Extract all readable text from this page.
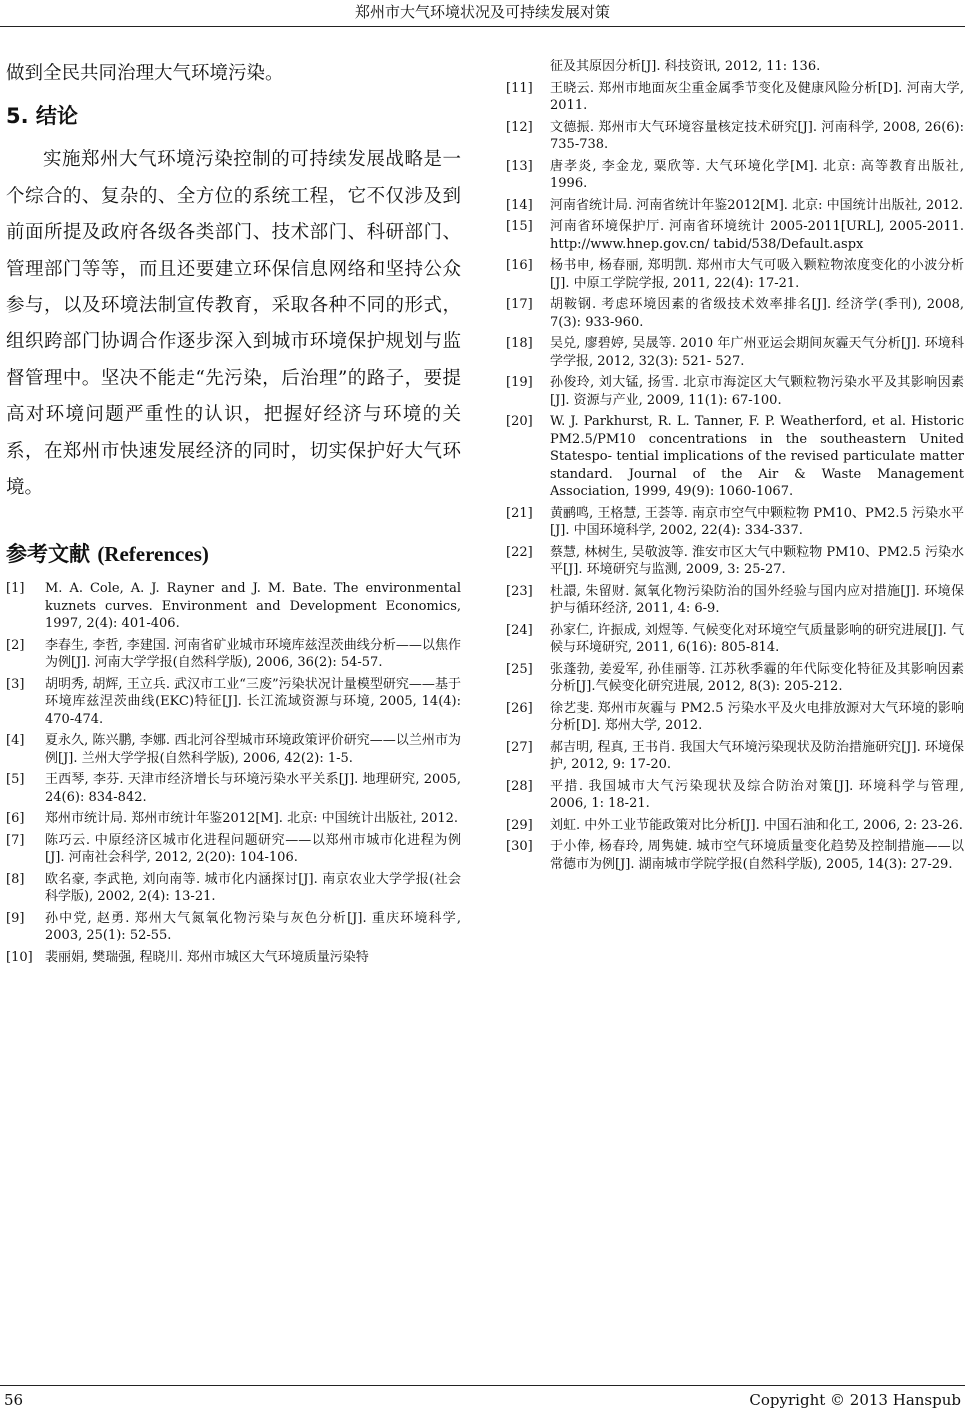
郑州市大气环境状况及可持续发展对策

做到全民共同治理大气环境污染。

5. 结论

实施郑州大气环境污染控制的可持续发展战略是一个综合的、复杂的、全方位的系统工程，它不仅涉及到前面所提及政府各级各类部门、技术部门、科研部门、管理部门等等，而且还要建立环保信息网络和坚持公众参与，以及环境法制宣传教育，采取各种不同的形式，组织跨部门协调合作逐步深入到城市环境保护规划与监督管理中。坚决不能走“先污染，后治理”的路子，要提高对环境问题严重性的认识，把握好经济与环境的关系，在郑州市快速发展经济的同时，切实保护好大气环境。

参考文献 (References)
[1]	M. A. Cole, A. J. Rayner and J. M. Bate. The environmental kuznets curves. Environment and Development Economics, 1997, 2(4): 401-406.
[2]	李春生, 李哲, 李建国. 河南省矿业城市环境库兹涅茨曲线分析——以焦作为例[J]. 河南大学学报(自然科学版), 2006, 36(2): 54-57.
[3]	胡明秀, 胡辉, 王立兵. 武汉市工业“三废”污染状况计量模型研究——基于环境库兹涅茨曲线(EKC)特征[J]. 长江流域资源与环境, 2005, 14(4): 470-474.
[4]	夏永久, 陈兴鹏, 李娜. 西北河谷型城市环境政策评价研究——以兰州市为例[J]. 兰州大学学报(自然科学版), 2006, 42(2): 1-5.
[5]	王西琴, 李芬. 天津市经济增长与环境污染水平关系[J]. 地理研究, 2005, 24(6): 834-842.
[6]	郑州市统计局. 郑州市统计年鉴2012[M]. 北京: 中国统计出版社, 2012.
[7]	陈巧云. 中原经济区城市化进程问题研究——以郑州市城市化进程为例[J]. 河南社会科学, 2012, 2(20): 104-106.
[8]	欧名豪, 李武艳, 刘向南等. 城市化内涵探讨[J]. 南京农业大学学报(社会科学版), 2002, 2(4): 13-21.
[9]	孙中党, 赵勇. 郑州大气氮氧化物污染与灰色分析[J]. 重庆环境科学, 2003, 25(1): 52-55.
[10] 裴丽娟, 樊瑞强, 程晓川. 郑州市城区大气环境质量污染特
征及其原因分析[J]. 科技资讯, 2012, 11: 136.
[11]	王晓云. 郑州市地面灰尘重金属季节变化及健康风险分析[D]. 河南大学, 2011.
[12]	文德振. 郑州市大气环境容量核定技术研究[J]. 河南科学, 2008, 26(6): 735-738.
[13]	唐孝炎, 李金龙, 粟欣等. 大气环境化学[M]. 北京: 高等教育出版社, 1996.
[14]	河南省统计局. 河南省统计年鉴2012[M]. 北京: 中国统计出版社, 2012.
[15]	河南省环境保护厅. 河南省环境统计 2005-2011[URL], 2005-2011. http://www.hnep.gov.cn/ tabid/538/Default.aspx
[16]	杨书申, 杨春丽, 郑明凯. 郑州市大气可吸入颗粒物浓度变化的小波分析[J]. 中原工学院学报, 2011, 22(4): 17-21.
[17]	胡鞍钢. 考虑环境因素的省级技术效率排名[J]. 经济学(季刊), 2008, 7(3): 933-960.
[18]	吴兑, 廖碧婷, 吴晟等. 2010 年广州亚运会期间灰霾天气分析[J]. 环境科学学报, 2012, 32(3): 521- 527.
[19]	孙俊玲, 刘大锰, 扬雪. 北京市海淀区大气颗粒物污染水平及其影响因素[J]. 资源与产业, 2009, 11(1): 67-100.
[20]	W. J. Parkhurst, R. L. Tanner, F. P. Weatherford, et al. Historic PM2.5/PM10 concentrations in the southeastern United Statespo- tential implications of the revised particulate matter standard. Journal of the Air & Waste Management Association, 1999, 49(9): 1060-1067.
[21]	黄鹂鸣, 王格慧, 王荟等. 南京市空气中颗粒物 PM10、PM2.5 污染水平[J]. 中国环境科学, 2002, 22(4): 334-337.
[22]	蔡慧, 林树生, 吴敬波等. 淮安市区大气中颗粒物 PM10、PM2.5 污染水平[J]. 环境研究与监测, 2009, 3: 25-27.
[23]	杜譞, 朱留财. 氮氧化物污染防治的国外经验与国内应对措施[J]. 环境保护与循环经济, 2011, 4: 6-9.
[24]	孙家仁, 许振成, 刘煜等. 气候变化对环境空气质量影响的研究进展[J]. 气候与环境研究, 2011, 6(16): 805-814.
[25]	张蓬勃, 姜爱军, 孙佳丽等. 江苏秋季霾的年代际变化特征及其影响因素分析[J].气候变化研究进展, 2012, 8(3): 205-212.
[26]	徐艺斐. 郑州市灰霾与 PM2.5 污染水平及火电排放源对大气环境的影响分析[D]. 郑州大学, 2012.
[27]	郝吉明, 程真, 王书肖. 我国大气环境污染现状及防治措施研究[J]. 环境保护, 2012, 9: 17-20.
[28]	平措. 我国城市大气污染现状及综合防治对策[J]. 环境科学与管理, 2006, 1: 18-21.
[29]	刘虹. 中外工业节能政策对比分析[J]. 中国石油和化工, 2006, 2: 23-26.
[30]	于小俸, 杨春玲, 周隽婕. 城市空气环境质量变化趋势及控制措施——以常德市为例[J]. 湖南城市学院学报(自然科学版), 2005, 14(3): 27-29.
56	Copyright © 2013 Hanspub
